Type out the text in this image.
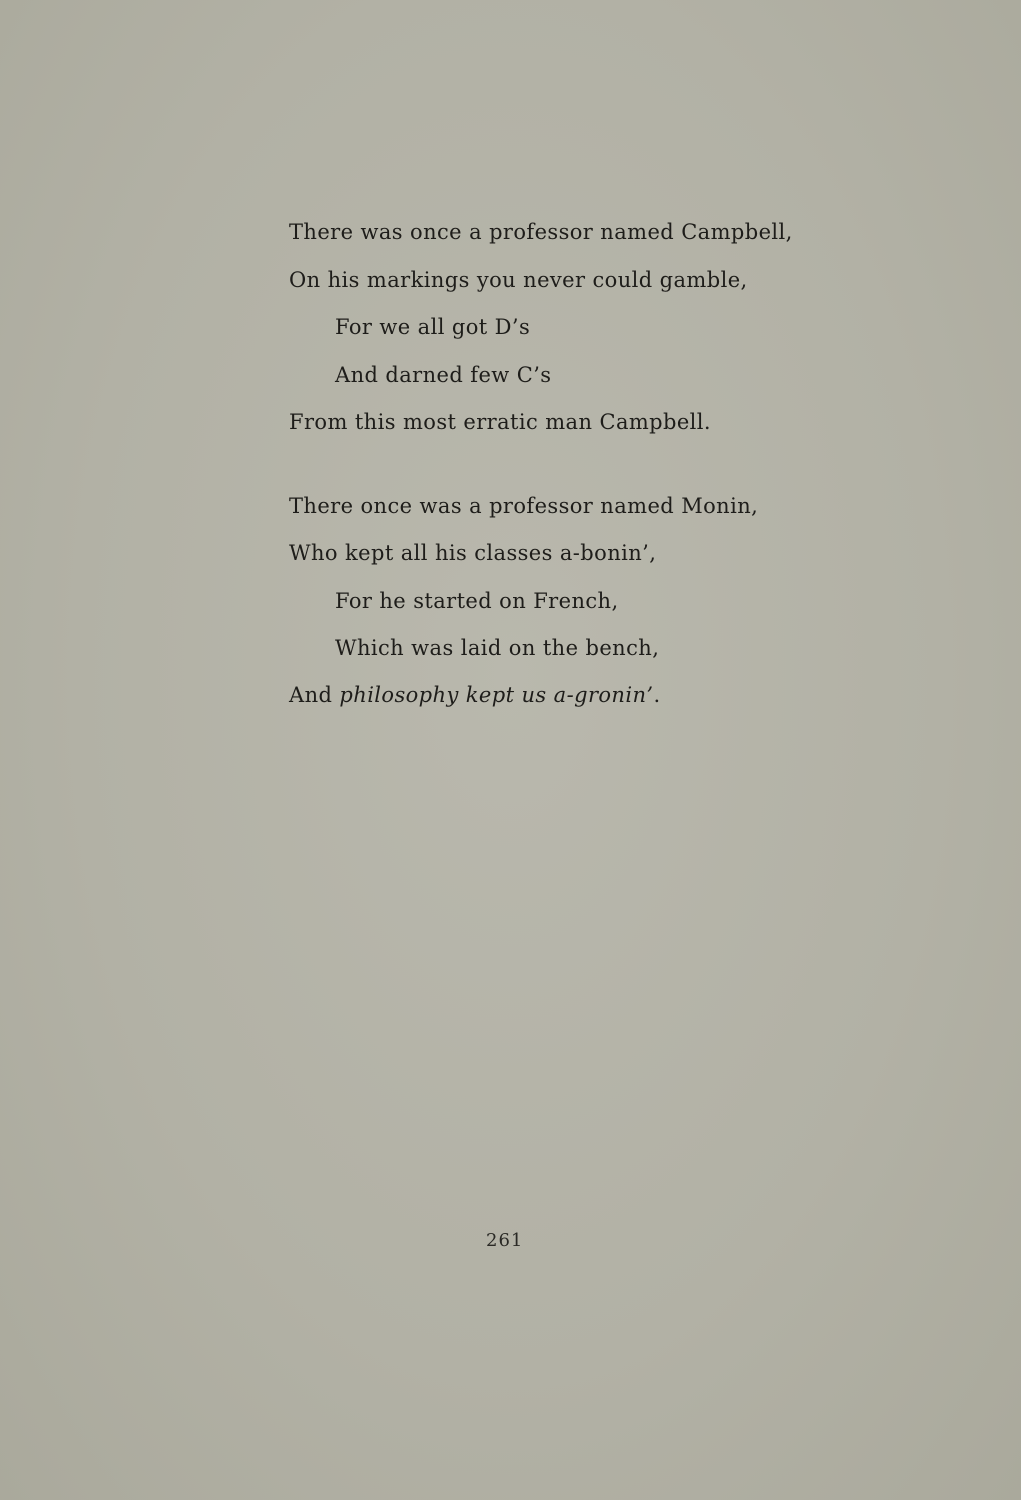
There was once a professor named Campbell,
On his markings you never could gamble,
For we all got D’s
And darned few C’s
From this most erratic man Campbell.
There once was a professor named Monin,
Who kept all his classes a-bonin’,
For he started on French,
Which was laid on the bench,
And philosophy kept us a-gronin’.
261
